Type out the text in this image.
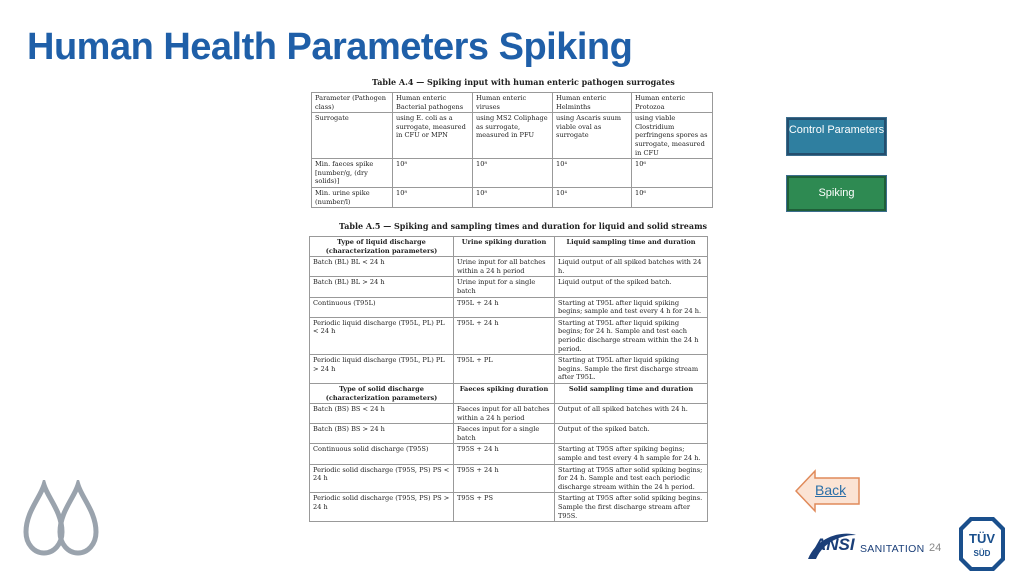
Human Health Parameters Spiking
Table A.4 — Spiking input with human enteric pathogen surrogates
Parameter (Pathogen class)	Human enteric Bacterial pathogens	Human enteric viruses	Human enteric Helminths	Human enteric Protozoa
Surrogate	using E. coli as a surrogate, measured in CFU or MPN	using MS2 Coliphage as surrogate, measured in PFU	using Ascaris suum viable oval as surrogate	using viable Clostridium perfringens spores as surrogate, measured in CFU
Min. faeces spike [number/g, (dry solids)]	10⁸	10⁸	10⁴	10⁶
Min. urine spike (number/l)	10⁸	10⁸	10⁴	10⁶
Table A.5 — Spiking and sampling times and duration for liquid and solid streams
Type of liquid discharge (characterization parameters)	Urine spiking duration	Liquid sampling time and duration
Batch (BL) BL < 24 h	Urine input for all batches within a 24 h period	Liquid output of all spiked batches with 24 h.
Batch (BL) BL > 24 h	Urine input for a single batch	Liquid output of the spiked batch.
Continuous (T95L)	T95L + 24 h	Starting at T95L after liquid spiking begins; sample and test every 4 h for 24 h.
Periodic liquid discharge (T95L, PL) PL < 24 h	T95L + 24 h	Starting at T95L after liquid spiking begins; for 24 h. Sample and test each periodic discharge stream within the 24 h period.
Periodic liquid discharge (T95L, PL) PL > 24 h	T95L + PL	Starting at T95L after liquid spiking begins. Sample the first discharge stream after T95L.
Type of solid discharge (characterization parameters)	Faeces spiking duration	Solid sampling time and duration
Batch (BS) BS < 24 h	Faeces input for all batches within a 24 h period	Output of all spiked batches with 24 h.
Batch (BS) BS > 24 h	Faeces input for a single batch	Output of the spiked batch.
Continuous solid discharge (T95S)	T95S + 24 h	Starting at T95S after spiking begins; sample and test every 4 h sample for 24 h.
Periodic solid discharge (T95S, PS) PS < 24 h	T95S + 24 h	Starting at T95S after solid spiking begins; for 24 h. Sample and test each periodic discharge stream within the 24 h period.
Periodic solid discharge (T95S, PS) PS > 24 h	T95S + PS	Starting at T95S after solid spiking begins. Sample the first discharge stream after T95S.
Control Parameters
Spiking
Back
ANSI SANITATION 24
TÜV
SÜD
